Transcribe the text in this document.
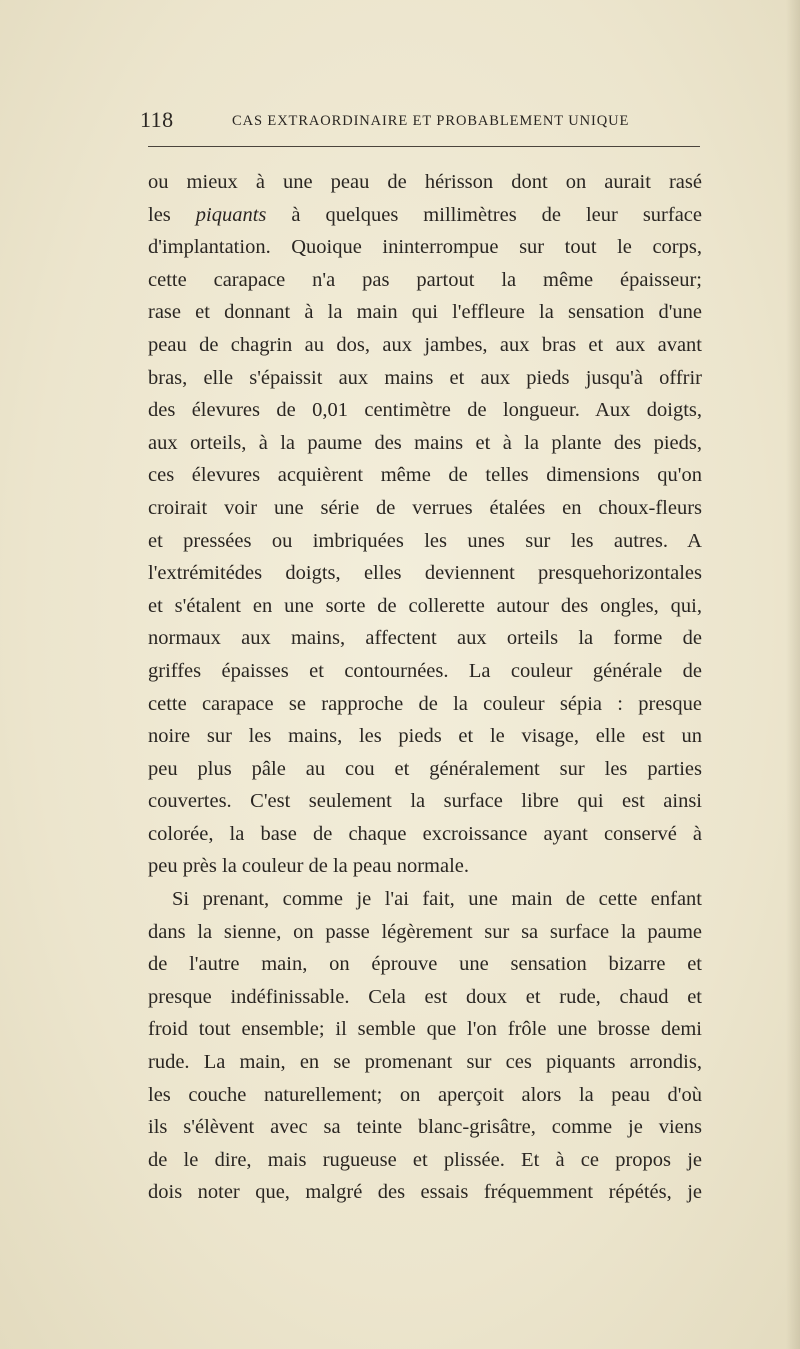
118	CAS EXTRAORDINAIRE ET PROBABLEMENT UNIQUE
ou mieux à une peau de hérisson dont on aurait rasé
les piquants à quelques millimètres de leur surface
d'implantation. Quoique ininterrompue sur tout le corps,
cette carapace n'a pas partout la même épaisseur;
rase et donnant à la main qui l'effleure la sensation d'une
peau de chagrin au dos, aux jambes, aux bras et aux avant
bras, elle s'épaissit aux mains et aux pieds jusqu'à offrir
des élevures de 0,01 centimètre de longueur. Aux doigts,
aux orteils, à la paume des mains et à la plante des pieds,
ces élevures acquièrent même de telles dimensions qu'on
croirait voir une série de verrues étalées en choux-fleurs
et pressées ou imbriquées les unes sur les autres. A
l'extrémitédes doigts, elles deviennent presquehorizontales
et s'étalent en une sorte de collerette autour des ongles, qui,
normaux aux mains, affectent aux orteils la forme de
griffes épaisses et contournées. La couleur générale de
cette carapace se rapproche de la couleur sépia : presque
noire sur les mains, les pieds et le visage, elle est un
peu plus pâle au cou et généralement sur les parties
couvertes. C'est seulement la surface libre qui est ainsi
colorée, la base de chaque excroissance ayant conservé à
peu près la couleur de la peau normale.
Si prenant, comme je l'ai fait, une main de cette enfant
dans la sienne, on passe légèrement sur sa surface la paume
de l'autre main, on éprouve une sensation bizarre et
presque indéfinissable. Cela est doux et rude, chaud et
froid tout ensemble; il semble que l'on frôle une brosse demi
rude. La main, en se promenant sur ces piquants arrondis,
les couche naturellement; on aperçoit alors la peau d'où
ils s'élèvent avec sa teinte blanc-grisâtre, comme je viens
de le dire, mais rugueuse et plissée. Et à ce propos je
dois noter que, malgré des essais fréquemment répétés, je
